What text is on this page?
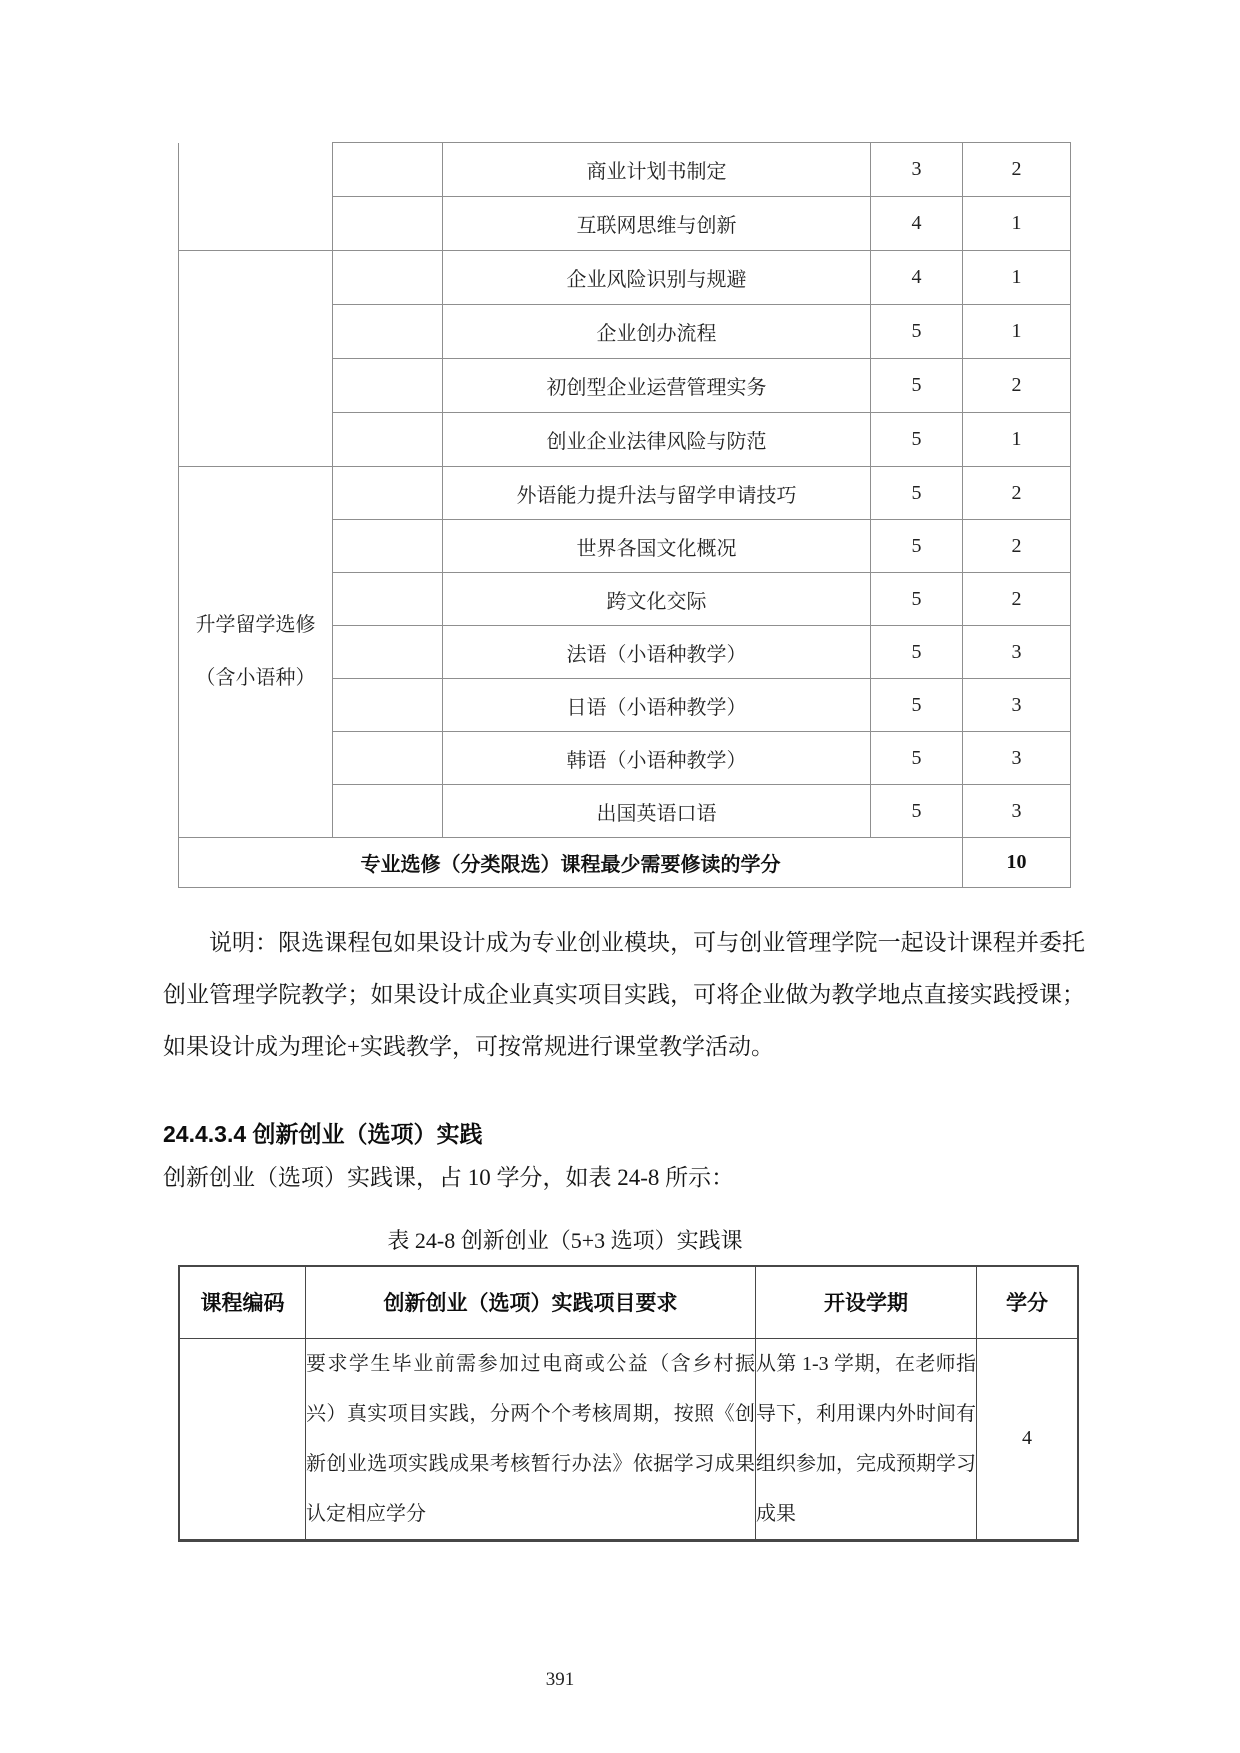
		商业计划书制定	3	2
		互联网思维与创新	4	1
		企业风险识别与规避	4	1
		企业创办流程	5	1
		初创型企业运营管理实务	5	2
		创业企业法律风险与防范	5	1
升学留学选修（含小语种）		外语能力提升法与留学申请技巧	5	2
		世界各国文化概况	5	2
		跨文化交际	5	2
		法语（小语种教学）	5	3
		日语（小语种教学）	5	3
		韩语（小语种教学）	5	3
		出国英语口语	5	3
专业选修（分类限选）课程最少需要修读的学分				10

说明：限选课程包如果设计成为专业创业模块，可与创业管理学院一起设计课程并委托创业管理学院教学；如果设计成企业真实项目实践，可将企业做为教学地点直接实践授课；如果设计成为理论+实践教学，可按常规进行课堂教学活动。

24.4.3.4 创新创业（选项）实践
创新创业（选项）实践课，占 10 学分，如表 24-8 所示：
表 24-8 创新创业（5+3 选项）实践课
课程编码	创新创业（选项）实践项目要求	开设学期	学分
	要求学生毕业前需参加过电商或公益（含乡村振兴）真实项目实践，分两个个考核周期，按照《创新创业选项实践成果考核暂行办法》依据学习成果认定相应学分	从第 1-3 学期，在老师指导下，利用课内外时间有组织参加，完成预期学习成果	4
391
